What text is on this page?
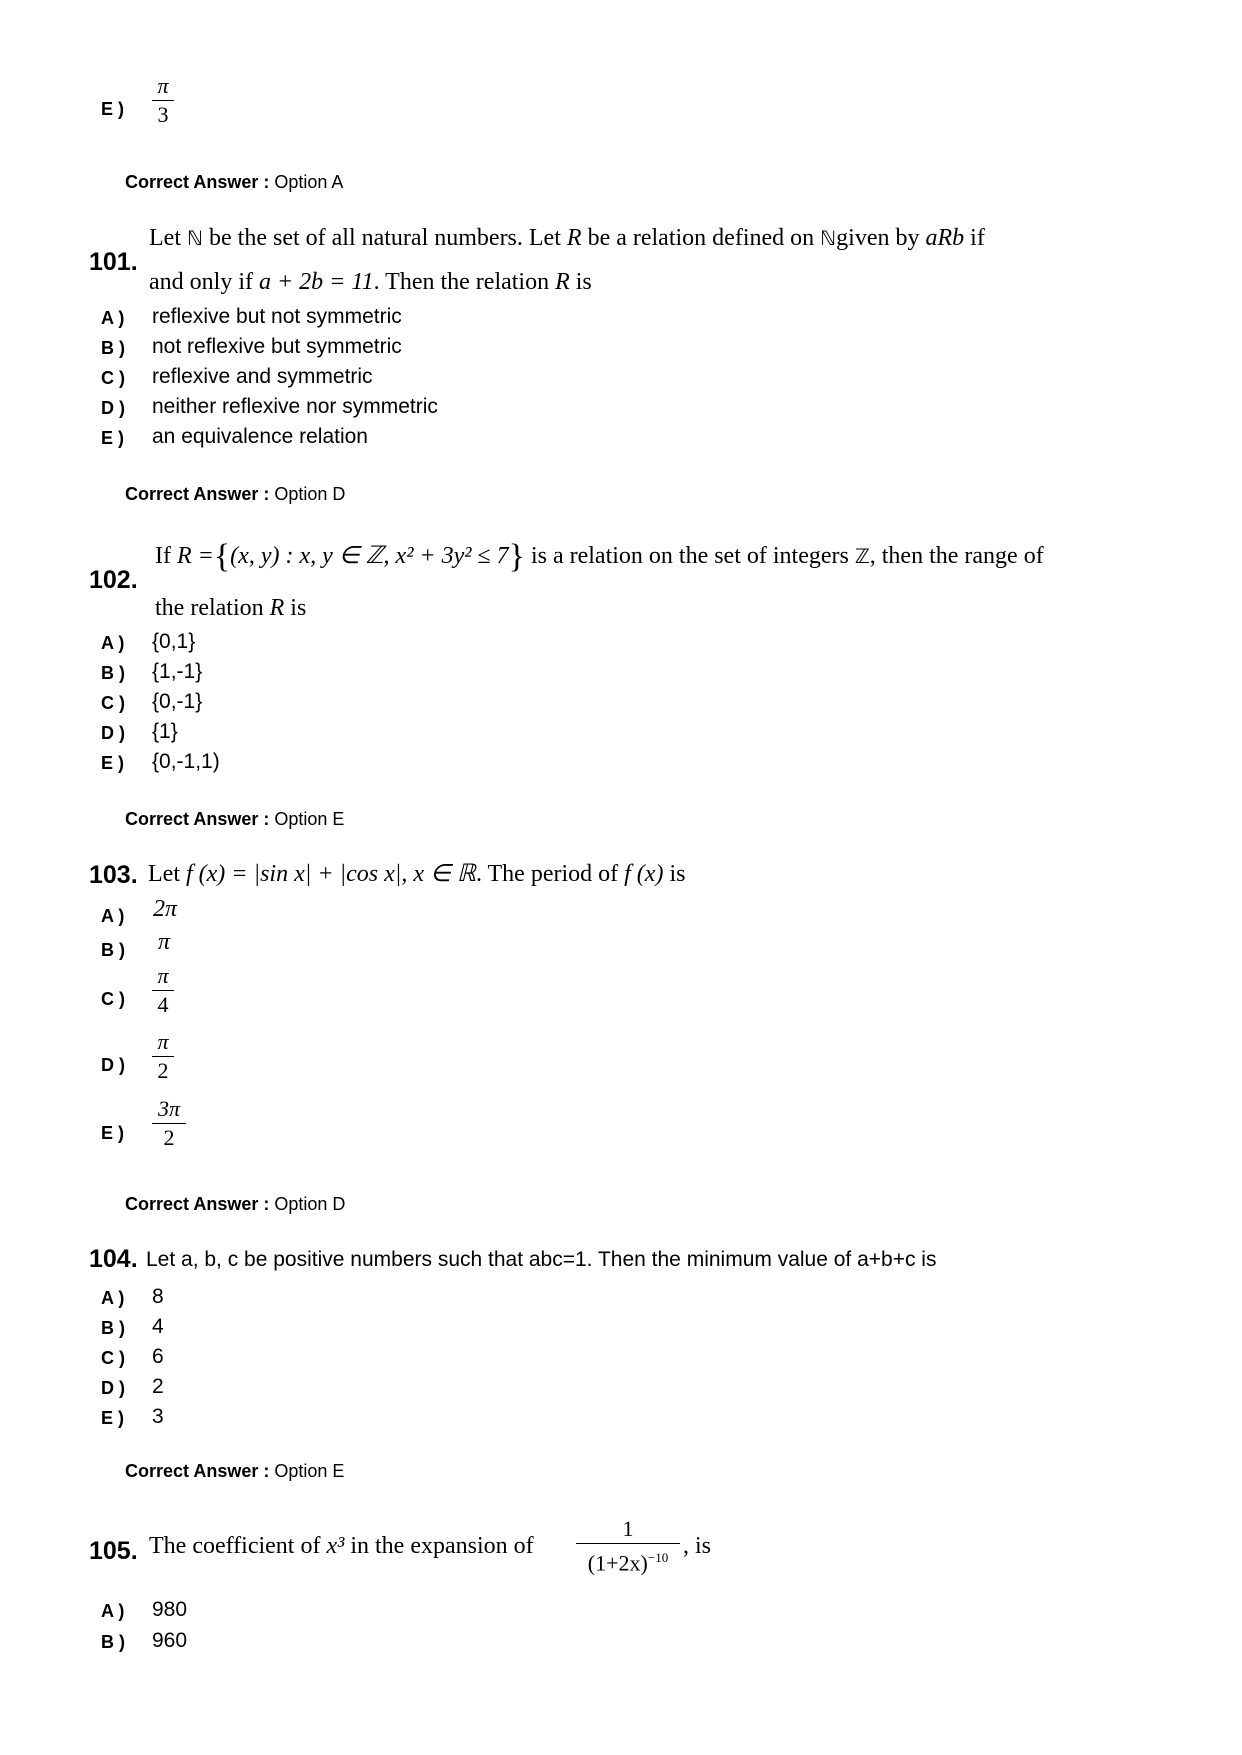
E )
π
3
Correct Answer : Option A
101.
Let ℕ be the set of all natural numbers. Let R be a relation defined on ℕgiven by aRb if
and only if a + 2b = 11. Then the relation R is
A ) reflexive but not symmetric
B ) not reflexive but symmetric
C ) reflexive and symmetric
D ) neither reflexive nor symmetric
E ) an equivalence relation
Correct Answer : Option D
102.
If R ={(x, y) : x, y ∈ ℤ, x² + 3y² ≤ 7} is a relation on the set of integers ℤ, then the range of
the relation R is
A ) {0,1}
B ) {1,-1}
C ) {0,-1}
D ) {1}
E ) {0,-1,1)
Correct Answer : Option E
103. Let f (x) = |sin x| + |cos x|, x ∈ ℝ. The period of f (x) is
A ) 2π
B ) π
C )
π
4
D )
π
2
E )
3π
2
Correct Answer : Option D
104. Let a, b, c be positive numbers such that abc=1. Then the minimum value of a+b+c is
A ) 8
B ) 4
C ) 6
D ) 2
E ) 3
Correct Answer : Option E
105. The coefficient of x³ in the expansion of
1
$(1+2x)^{-10}$ , is
A ) 980
B ) 960
